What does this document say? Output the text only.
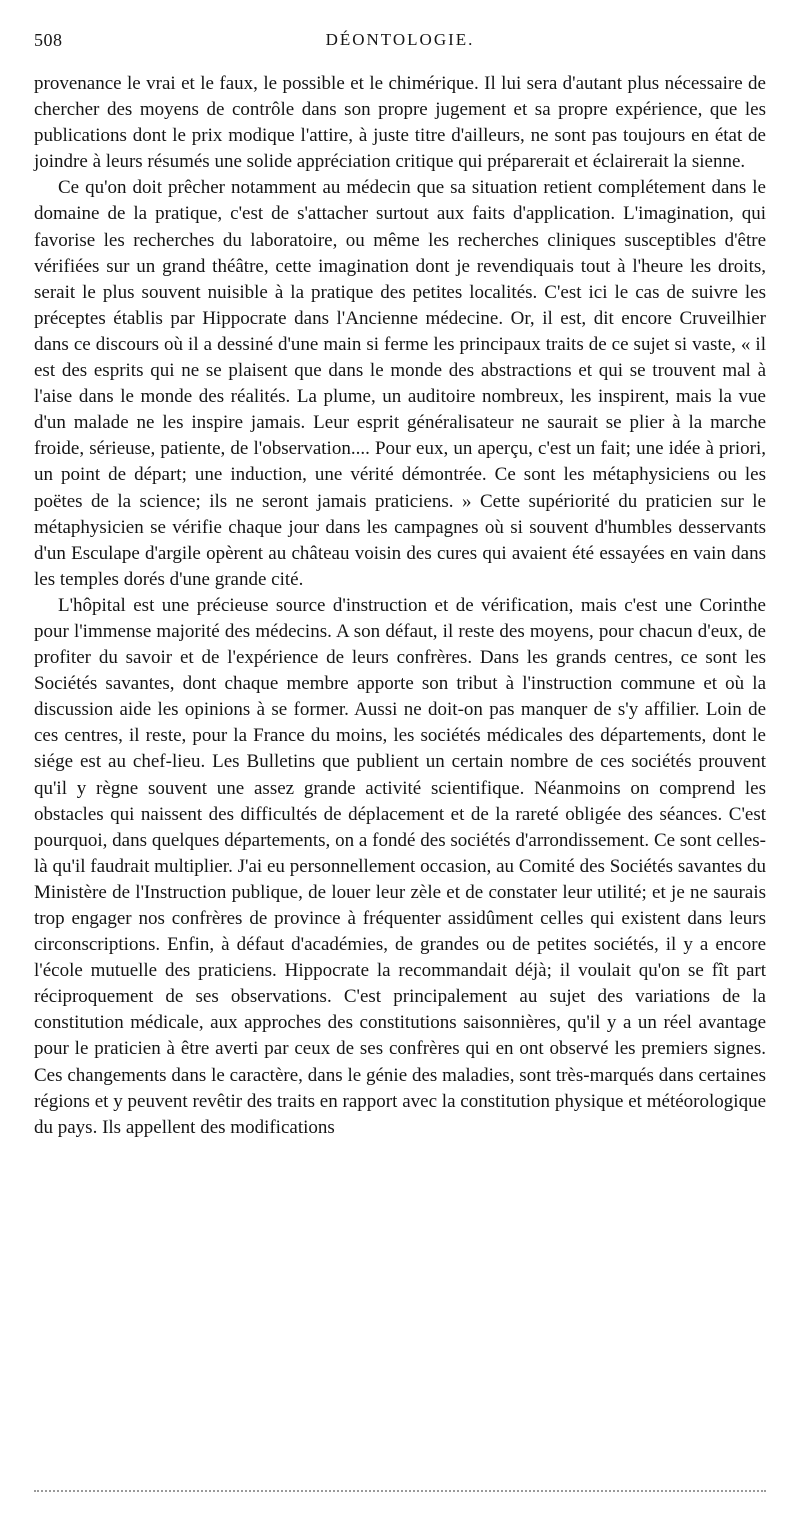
508	DÉONTOLOGIE.

provenance le vrai et le faux, le possible et le chimérique. Il lui sera d'autant plus nécessaire de chercher des moyens de contrôle dans son propre jugement et sa propre expérience, que les publications dont le prix modique l'attire, à juste titre d'ailleurs, ne sont pas toujours en état de joindre à leurs résumés une solide appréciation critique qui préparerait et éclairerait la sienne.

Ce qu'on doit prêcher notamment au médecin que sa situation retient complétement dans le domaine de la pratique, c'est de s'attacher surtout aux faits d'application. L'imagination, qui favorise les recherches du laboratoire, ou même les recherches cliniques susceptibles d'être vérifiées sur un grand théâtre, cette imagination dont je revendiquais tout à l'heure les droits, serait le plus souvent nuisible à la pratique des petites localités. C'est ici le cas de suivre les préceptes établis par Hippocrate dans l'Ancienne médecine. Or, il est, dit encore Cruveilhier dans ce discours où il a dessiné d'une main si ferme les principaux traits de ce sujet si vaste, « il est des esprits qui ne se plaisent que dans le monde des abstractions et qui se trouvent mal à l'aise dans le monde des réalités. La plume, un auditoire nombreux, les inspirent, mais la vue d'un malade ne les inspire jamais. Leur esprit généralisateur ne saurait se plier à la marche froide, sérieuse, patiente, de l'observation.... Pour eux, un aperçu, c'est un fait; une idée à priori, un point de départ; une induction, une vérité démontrée. Ce sont les métaphysiciens ou les poëtes de la science; ils ne seront jamais praticiens. » Cette supériorité du praticien sur le métaphysicien se vérifie chaque jour dans les campagnes où si souvent d'humbles desservants d'un Esculape d'argile opèrent au château voisin des cures qui avaient été essayées en vain dans les temples dorés d'une grande cité.

L'hôpital est une précieuse source d'instruction et de vérification, mais c'est une Corinthe pour l'immense majorité des médecins. A son défaut, il reste des moyens, pour chacun d'eux, de profiter du savoir et de l'expérience de leurs confrères. Dans les grands centres, ce sont les Sociétés savantes, dont chaque membre apporte son tribut à l'instruction commune et où la discussion aide les opinions à se former. Aussi ne doit-on pas manquer de s'y affilier. Loin de ces centres, il reste, pour la France du moins, les sociétés médicales des départements, dont le siége est au chef-lieu. Les Bulletins que publient un certain nombre de ces sociétés prouvent qu'il y règne souvent une assez grande activité scientifique. Néanmoins on comprend les obstacles qui naissent des difficultés de déplacement et de la rareté obligée des séances. C'est pourquoi, dans quelques départements, on a fondé des sociétés d'arrondissement. Ce sont celles-là qu'il faudrait multiplier. J'ai eu personnellement occasion, au Comité des Sociétés savantes du Ministère de l'Instruction publique, de louer leur zèle et de constater leur utilité; et je ne saurais trop engager nos confrères de province à fréquenter assidûment celles qui existent dans leurs circonscriptions. Enfin, à défaut d'académies, de grandes ou de petites sociétés, il y a encore l'école mutuelle des praticiens. Hippocrate la recommandait déjà; il voulait qu'on se fît part réciproquement de ses observations. C'est principalement au sujet des variations de la constitution médicale, aux approches des constitutions saisonnières, qu'il y a un réel avantage pour le praticien à être averti par ceux de ses confrères qui en ont observé les premiers signes. Ces changements dans le caractère, dans le génie des maladies, sont très-marqués dans certaines régions et y peuvent revêtir des traits en rapport avec la constitution physique et météorologique du pays. Ils appellent des modifications
